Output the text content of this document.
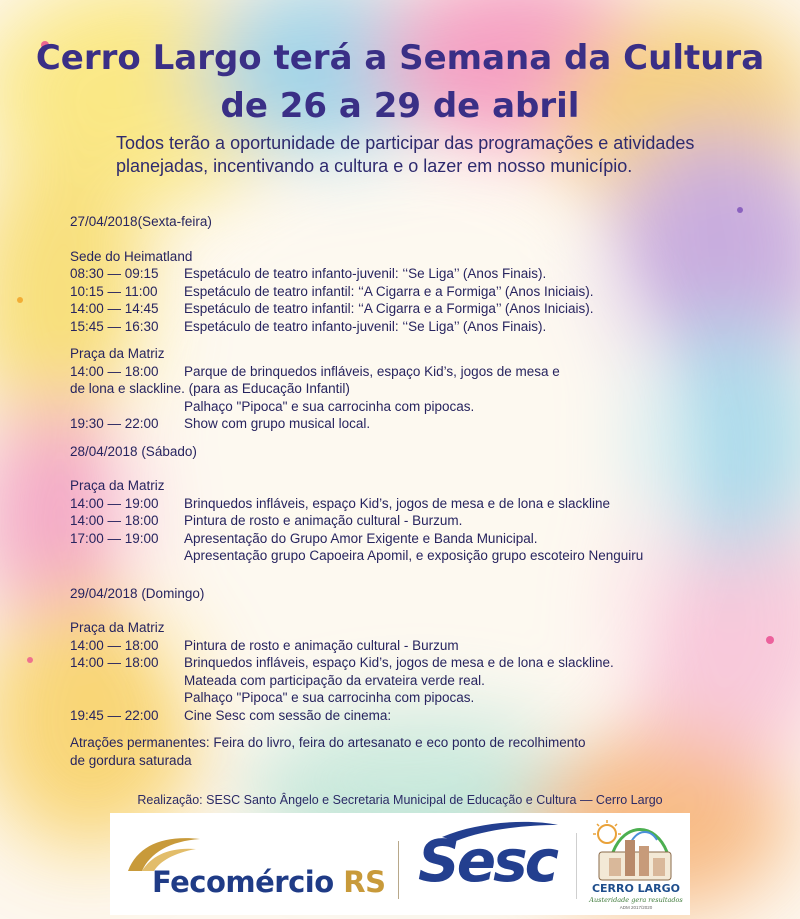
Cerro Largo terá a Semana da Cultura
de 26 a 29 de abril
Todos terão a oportunidade de participar das programações e atividades
planejadas, incentivando a cultura e o lazer em nosso município.
27/04/2018(Sexta-feira)
Sede do Heimatland
08:30 — 09:15 Espetáculo de teatro infanto-juvenil: ‘‘Se Liga’’ (Anos Finais).
10:15 — 11:00 Espetáculo de teatro infantil: ‘‘A Cigarra e a Formiga’’ (Anos Iniciais).
14:00 — 14:45 Espetáculo de teatro infantil: ‘‘A Cigarra e a Formiga’’ (Anos Iniciais).
15:45 — 16:30 Espetáculo de teatro infanto-juvenil: ‘‘Se Liga’’ (Anos Finais).
Praça da Matriz
14:00 — 18:00 Parque de brinquedos infláveis, espaço Kid’s, jogos de mesa e
de lona e slackline. (para as Educação Infantil)
Palhaço "Pipoca" e sua carrocinha com pipocas.
19:30 — 22:00 Show com grupo musical local.
28/04/2018 (Sábado)
Praça da Matriz
14:00 — 19:00 Brinquedos infláveis, espaço Kid’s, jogos de mesa e de lona e slackline
14:00 — 18:00 Pintura de rosto e animação cultural - Burzum.
17:00 — 19:00 Apresentação do Grupo Amor Exigente e Banda Municipal.
Apresentação grupo Capoeira Apomil, e exposição grupo escoteiro Nenguiru
29/04/2018 (Domingo)
Praça da Matriz
14:00 — 18:00 Pintura de rosto e animação cultural - Burzum
14:00 — 18:00 Brinquedos infláveis, espaço Kid’s, jogos de mesa e de lona e slackline.
Mateada com participação da ervateira verde real.
Palhaço "Pipoca" e sua carrocinha com pipocas.
19:45 — 22:00 Cine Sesc com sessão de cinema:
Atrações permanentes: Feira do livro, feira do artesanato e eco ponto de recolhimento
de gordura saturada
Realização: SESC Santo Ângelo e Secretaria Municipal de Educação e Cultura — Cerro Largo
Fecomércio RS Sesc	CERRO LARGO
Austeridade gera resultados
ADM 2017/2020
